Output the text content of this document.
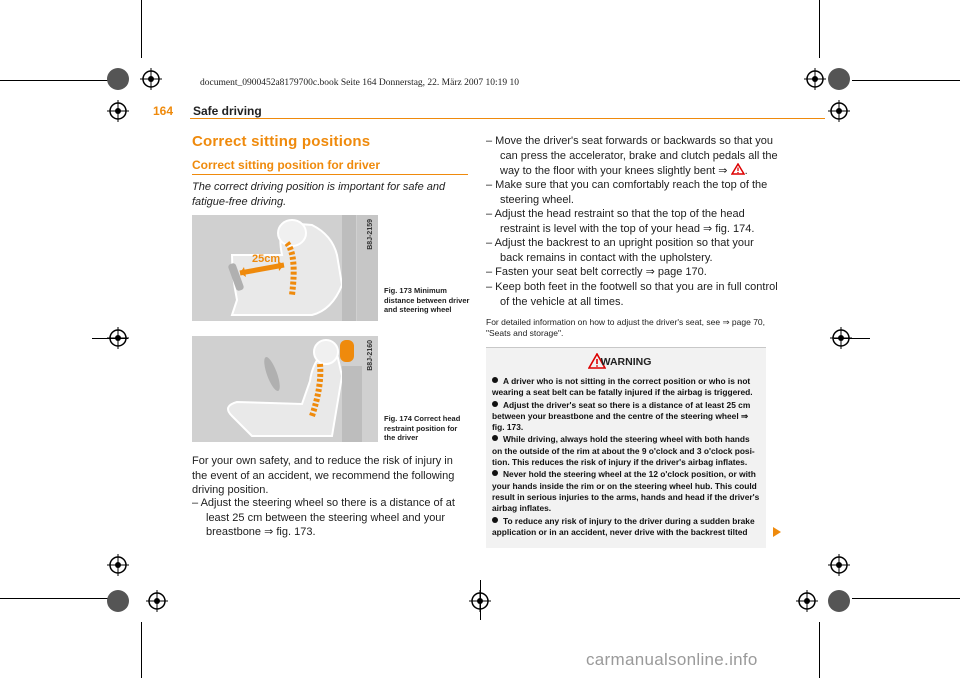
document_0900452a8179700c.book Seite 164 Donnerstag, 22. März 2007 10:19 10
164 Safe driving
Correct sitting positions
Correct sitting position for driver
The correct driving position is important for safe and fatigue-free driving.
25cm
B8J-2159
Fig. 173 Minimum distance between driver and steering wheel
B8J-2160
Fig. 174 Correct head restraint position for the driver
For your own safety, and to reduce the risk of injury in the event of an accident, we recommend the following driving position.
– Adjust the steering wheel so there is a distance of at least 25 cm between the steering wheel and your breastbone ⇒ fig. 173.
– Move the driver's seat forwards or backwards so that you can press the accelerator, brake and clutch pedals all the way to the floor with your knees slightly bent ⇒ .
– Make sure that you can comfortably reach the top of the steering wheel.
– Adjust the head restraint so that the top of the head restraint is level with the top of your head ⇒ fig. 174.
– Adjust the backrest to an upright position so that your back remains in contact with the upholstery.
– Fasten your seat belt correctly ⇒ page 170.
– Keep both feet in the footwell so that you are in full control of the vehicle at all times.
For detailed information on how to adjust the driver's seat, see ⇒ page 70, "Seats and storage".
WARNING

A driver who is not sitting in the correct position or who is not wearing a seat belt can be fatally injured if the airbag is triggered.

Adjust the driver's seat so there is a distance of at least 25 cm between your breastbone and the centre of the steering wheel ⇒ fig. 173.

While driving, always hold the steering wheel with both hands on the outside of the rim at about the 9 o'clock and 3 o'clock posi-tion. This reduces the risk of injury if the driver's airbag inflates.

Never hold the steering wheel at the 12 o'clock position, or with your hands inside the rim or on the steering wheel hub. This could result in serious injuries to the arms, hands and head if the driver's airbag inflates.

To reduce any risk of injury to the driver during a sudden brake application or in an accident, never drive with the backrest tilted

carmanualsonline.info
